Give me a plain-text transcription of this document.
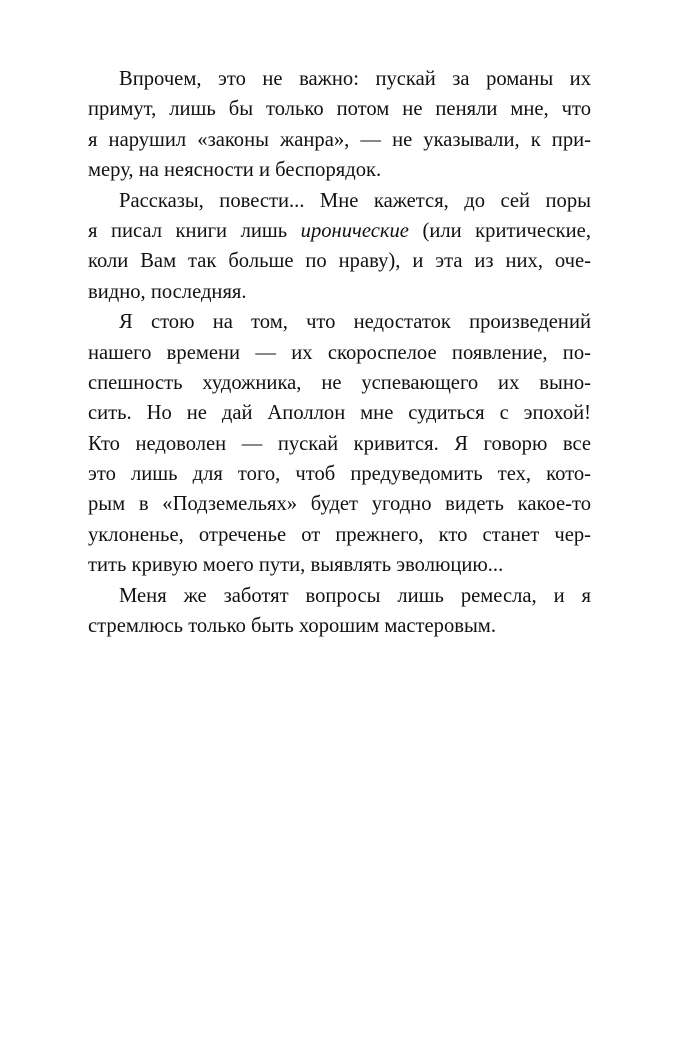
Впрочем, это не важно: пускай за романы их
примут, лишь бы только потом не пеняли мне, что
я нарушил «законы жанра», — не указывали, к при-
меру, на неясности и беспорядок.
Рассказы, повести... Мне кажется, до сей поры
я писал книги лишь иронические (или критические,
коли Вам так больше по нраву), и эта из них, оче-
видно, последняя.
Я стою на том, что недостаток произведений
нашего времени — их скороспелое появление, по-
спешность художника, не успевающего их выно-
сить. Но не дай Аполлон мне судиться с эпохой!
Кто недоволен — пускай кривится. Я говорю все
это лишь для того, чтоб предуведомить тех, кото-
рым в «Подземельях» будет угодно видеть какое-то
уклоненье, отреченье от прежнего, кто станет чер-
тить кривую моего пути, выявлять эволюцию...
Меня же заботят вопросы лишь ремесла, и я
стремлюсь только быть хорошим мастеровым.
